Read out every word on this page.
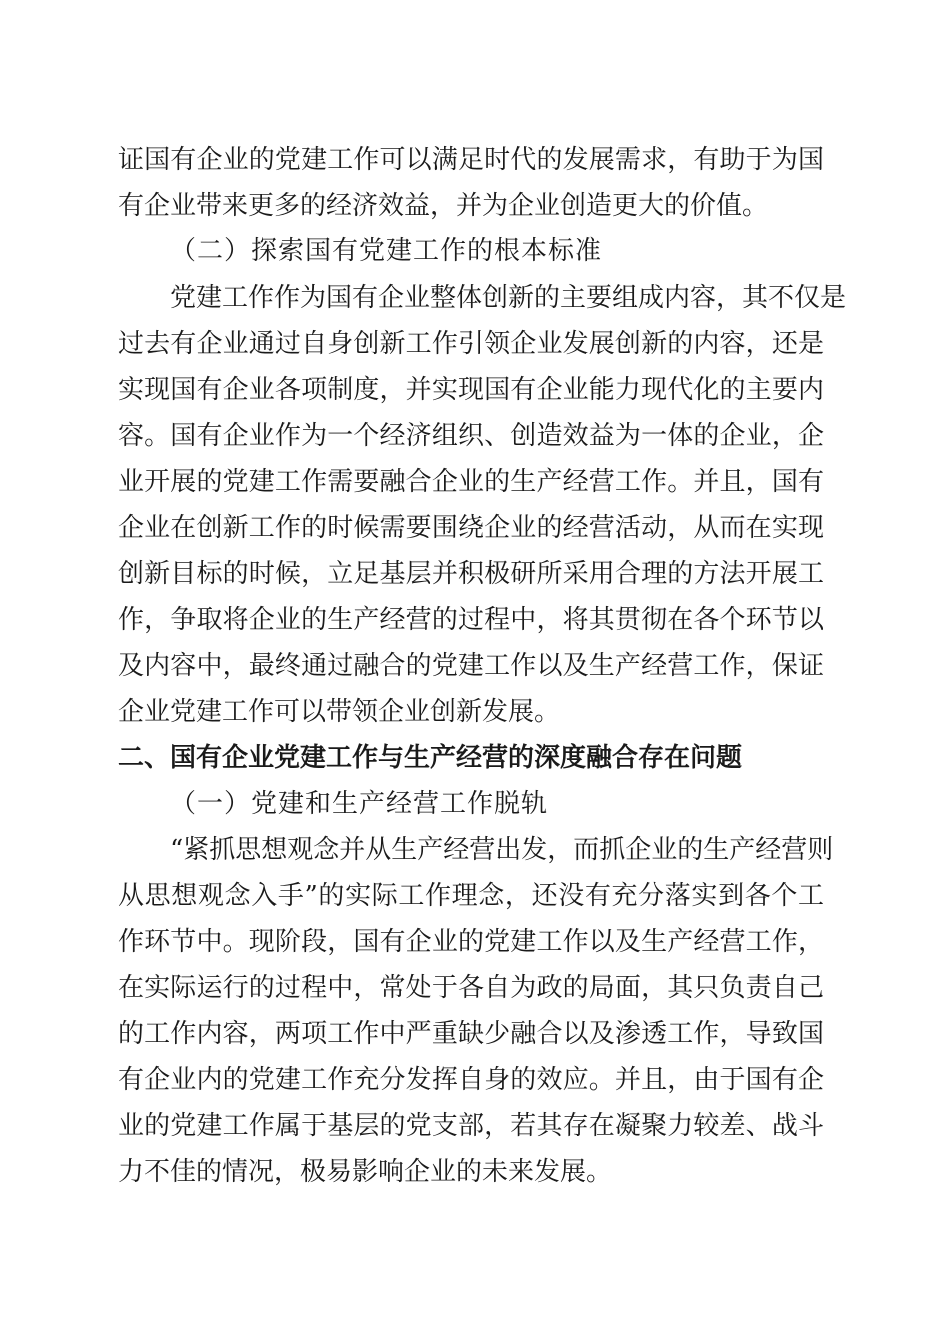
证国有企业的党建工作可以满足时代的发展需求，有助于为国
有企业带来更多的经济效益，并为企业创造更大的价值。
（二）探索国有党建工作的根本标准
党建工作作为国有企业整体创新的主要组成内容，其不仅是
过去有企业通过自身创新工作引领企业发展创新的内容，还是
实现国有企业各项制度，并实现国有企业能力现代化的主要内
容。国有企业作为一个经济组织、创造效益为一体的企业，企
业开展的党建工作需要融合企业的生产经营工作。并且，国有
企业在创新工作的时候需要围绕企业的经营活动，从而在实现
创新目标的时候，立足基层并积极研所采用合理的方法开展工
作，争取将企业的生产经营的过程中，将其贯彻在各个环节以
及内容中，最终通过融合的党建工作以及生产经营工作，保证
企业党建工作可以带领企业创新发展。
二、国有企业党建工作与生产经营的深度融合存在问题
（一）党建和生产经营工作脱轨
“紧抓思想观念并从生产经营出发，而抓企业的生产经营则
从思想观念入手”的实际工作理念，还没有充分落实到各个工
作环节中。现阶段，国有企业的党建工作以及生产经营工作，
在实际运行的过程中，常处于各自为政的局面，其只负责自己
的工作内容，两项工作中严重缺少融合以及渗透工作，导致国
有企业内的党建工作充分发挥自身的效应。并且，由于国有企
业的党建工作属于基层的党支部，若其存在凝聚力较差、战斗
力不佳的情况，极易影响企业的未来发展。
